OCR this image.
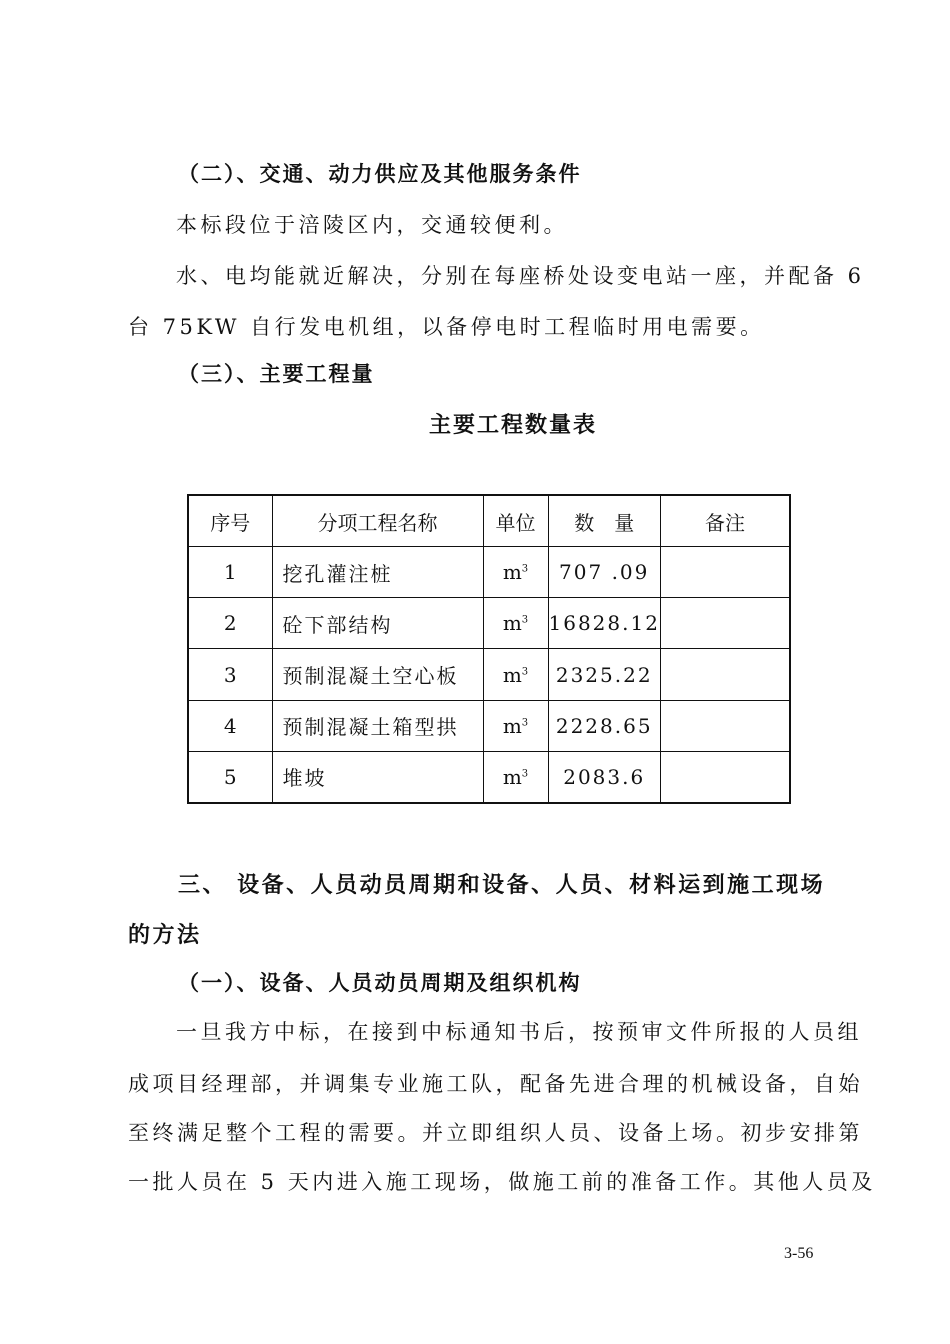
（二）、交通、动力供应及其他服务条件
本标段位于涪陵区内，交通较便利。
水、电均能就近解决，分别在每座桥处设变电站一座，并配备 6
台 75KW 自行发电机组，以备停电时工程临时用电需要。
（三）、主要工程量
主要工程数量表
序号	分项工程名称	单位	数　量	备注
1	挖孔灌注桩	$m^3$	707 .09	
2	砼下部结构	$m^3$	16828.12	
3	预制混凝土空心板	$m^3$	2325.22	
4	预制混凝土箱型拱	$m^3$	2228.65	
5	堆坡	$m^3$	2083.6	
三、 设备、人员动员周期和设备、人员、材料运到施工现场
的方法
（一）、设备、人员动员周期及组织机构
一旦我方中标，在接到中标通知书后，按预审文件所报的人员组
成项目经理部，并调集专业施工队，配备先进合理的机械设备，自始
至终满足整个工程的需要。并立即组织人员、设备上场。初步安排第
一批人员在 5 天内进入施工现场，做施工前的准备工作。其他人员及
3-56
